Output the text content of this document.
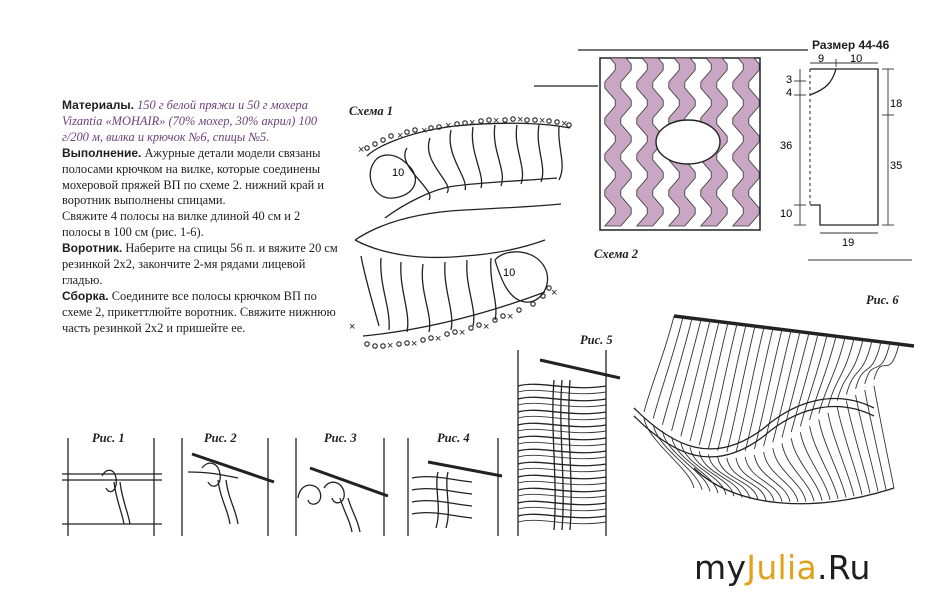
Материалы. 150 г белой пряжи и 50 г мохера Vizantia «MOHAIR» (70% мохер, 30% акрил) 100 г/200 м, вилка и крючок №6, спицы №5.

Выполнение. Ажурные детали модели связаны полосами крючком на вилке, которые соединены мохеровой пряжей ВП по схеме 2. нижний край и воротник выполнены спицами.

Свяжите 4 полосы на вилке длиной 40 см и 2 полосы в 100 см (рис. 1-6).

Воротник. Наберите на спицы 56 п. и вяжите 20 см резинкой 2х2, закончите 2-мя рядами лицевой гладью.

Сборка. Соедините все полосы крючком ВП по схеме 2, прикеттлюйте воротник. Свяжите нижнюю часть резинкой 2х2 и пришейте ее.

Схема 1
Схема 2
Рис. 1	Рис. 2	Рис. 3	Рис. 4
Рис. 5
Рис. 6
Размер 44-46
×
× × × × × × × ×
×
× × × × ×
×
×
10
10
9 10
3
4
36
10
18
35
19
myJulia.Ru
